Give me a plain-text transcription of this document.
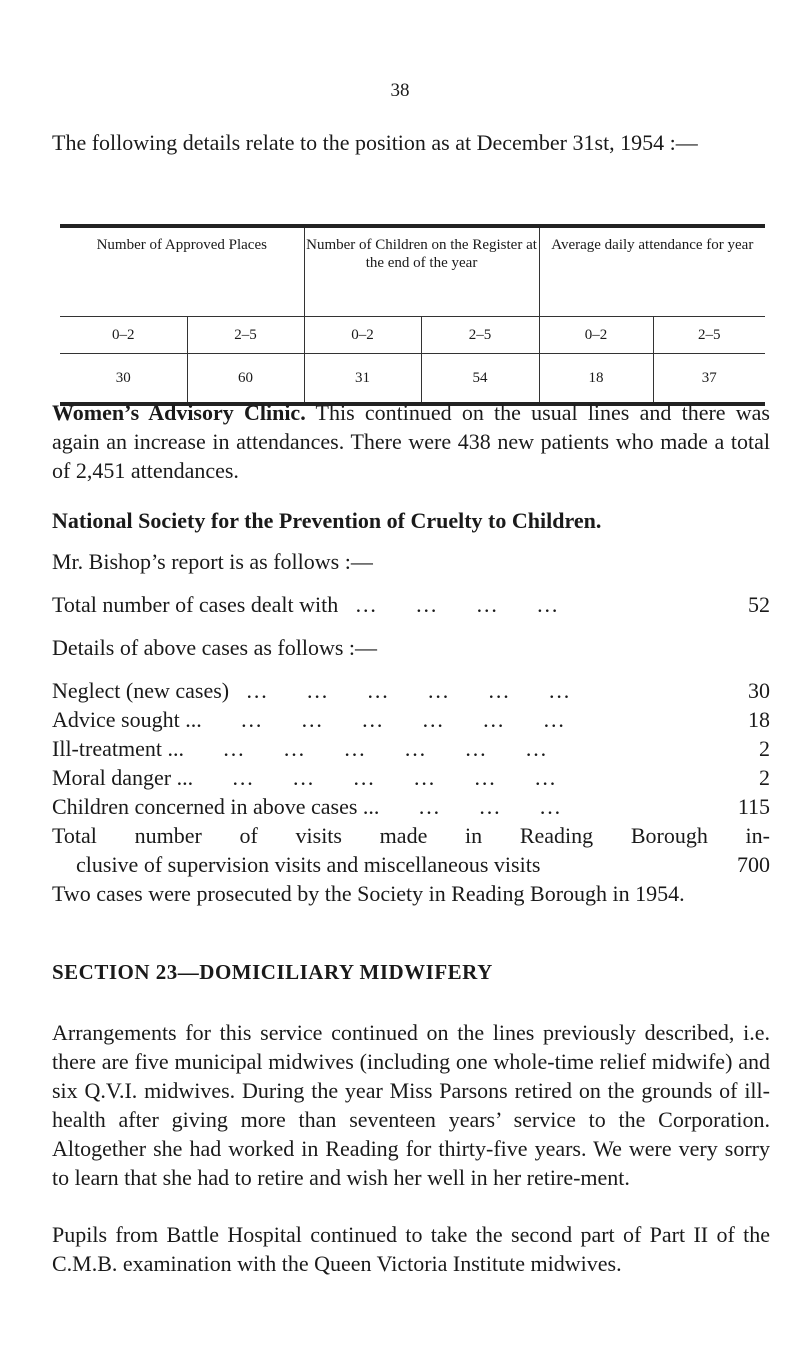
38
The following details relate to the position as at December 31st, 1954 :—
Number of Approved Places		Number of Children on the Register at the end of the year		Average daily attendance for year	
0–2	2–5	0–2	2–5	0–2	2–5
30	60	31	54	18	37
Women’s Advisory Clinic. This continued on the usual lines and there was again an increase in attendances. There were 438 new patients who made a total of 2,451 attendances.
National Society for the Prevention of Cruelty to Children.
Mr. Bishop’s report is as follows :—
Total number of cases dealt with …       …       …       …	52
Details of above cases as follows :—
Neglect (new cases) …       …       …       …       …       …	30
Advice sought ... …       …       …       …       …       …	18
Ill-treatment ... …       …       …       …       …       …	2
Moral danger ... …       …       …       …       …       …	2
Children concerned in above cases ... …       …       …	115
Total number of visits made in Reading Borough in-
clusive of supervision visits and miscellaneous visits	700
Two cases were prosecuted by the Society in Reading Borough in 1954.
SECTION 23—DOMICILIARY MIDWIFERY
Arrangements for this service continued on the lines previously described, i.e. there are five municipal midwives (including one whole-time relief midwife) and six Q.V.I. midwives. During the year Miss Parsons retired on the grounds of ill-health after giving more than seventeen years’ service to the Corporation. Altogether she had worked in Reading for thirty-five years. We were very sorry to learn that she had to retire and wish her well in her retire-ment.
Pupils from Battle Hospital continued to take the second part of Part II of the C.M.B. examination with the Queen Victoria Institute midwives.
